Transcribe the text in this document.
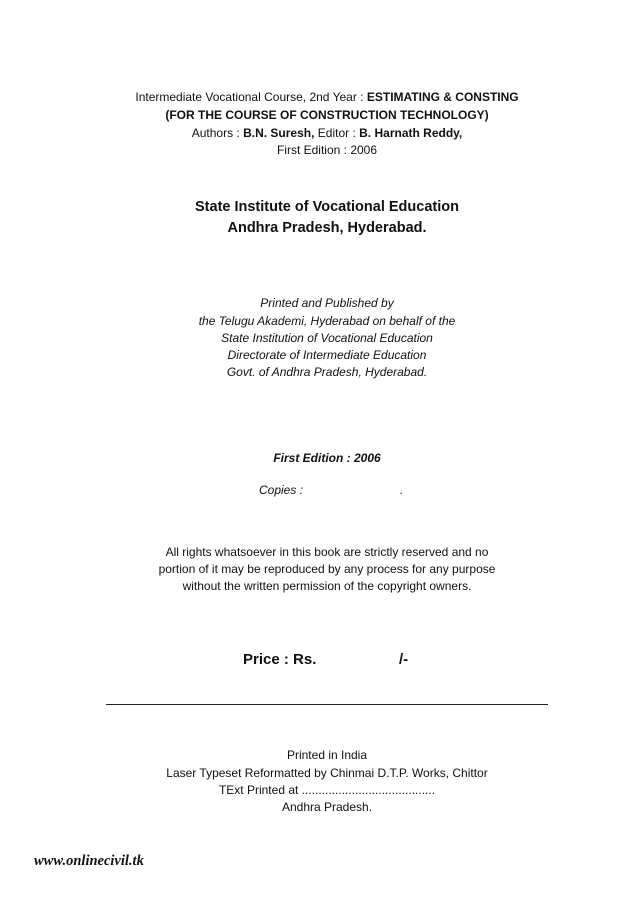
Intermediate Vocational Course, 2nd Year : ESTIMATING & CONSTING
(FOR THE COURSE OF CONSTRUCTION TECHNOLOGY)
Authors : B.N. Suresh, Editor : B. Harnath Reddy,
First Edition : 2006
State Institute of Vocational Education
Andhra Pradesh, Hyderabad.
Printed and Published by
the Telugu Akademi, Hyderabad on behalf of the
State Institution of Vocational Education
Directorate of Intermediate Education
Govt. of Andhra Pradesh, Hyderabad.
First Edition : 2006
Copies :	.
All rights whatsoever in this book are strictly reserved and no
portion of it may be reproduced by any process for any purpose
without the written permission of the copyright owners.
Price : Rs.	/-
Printed in India
Laser Typeset Reformatted by Chinmai D.T.P. Works, Chittor
TExt Printed at ........................................
Andhra Pradesh.
www.onlinecivil.tk
